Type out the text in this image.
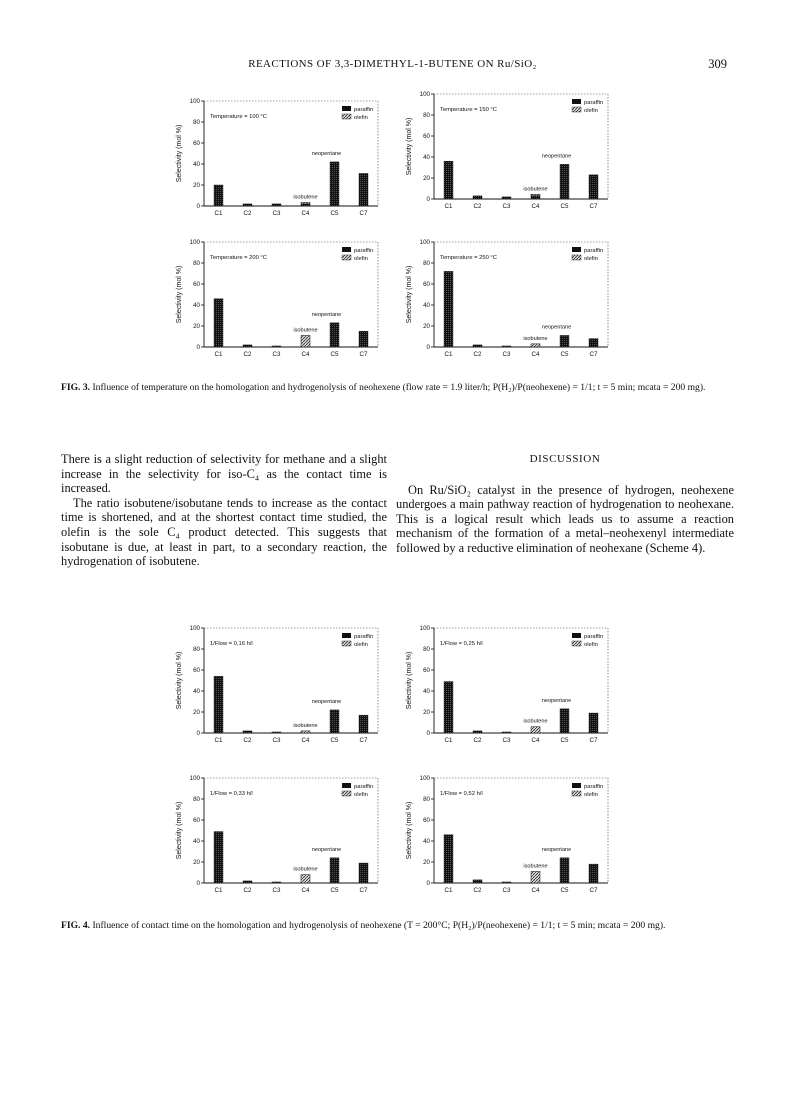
REACTIONS OF 3,3-DIMETHYL-1-BUTENE ON Ru/SiO₂	309
0
20
40
60
80
100
Selectivity (mol %)
C1	C2	C3	C4	C5	C7
isobutene
neopentane
Temperature = 100 °C
paraffin
olefin
0
20
40
60
80
100
Selectivity (mol %)
C1	C2	C3	C4	C5	C7
isobutene
neopentane
Temperature = 150 °C
paraffin
olefin
0
20
40
60
80
100
Selectivity (mol %)
C1	C2	C3	C4	C5	C7
isobutene
neopentane
Temperature = 200 °C
paraffin
olefin
0
20
40
60
80
100
Selectivity (mol %)
C1	C2	C3	C4	C5	C7
isobutene
neopentane
Temperature = 250 °C
paraffin
olefin
FIG. 3. Influence of temperature on the homologation and hydrogenolysis of neohexene (flow rate = 1.9 liter/h; P(H₂)/P(neohexene) = 1/1; t = 5 min; mcata = 200 mg).

There is a slight reduction of selectivity for methane and a slight increase in the selectivity for iso-C₄ as the contact time is increased.

The ratio isobutene/isobutane tends to increase as the contact time is shortened, and at the shortest contact time studied, the olefin is the sole C₄ product detected. This suggests that isobutane is due, at least in part, to a secondary reaction, the hydrogenation of isobutene.

DISCUSSION

On Ru/SiO₂ catalyst in the presence of hydrogen, neohexene undergoes a main pathway reaction of hydrogenation to neohexane. This is a logical result which leads us to assume a reaction mechanism of the formation of a metal–neohexenyl intermediate followed by a reductive elimination of neohexane (Scheme 4).

0
20
40
60
80
100
Selectivity (mol %)
C1	C2	C3	C4	C5	C7
isobutene
neopentane
1/Flow = 0,16 h/l
paraffin
olefin
0
20
40
60
80
100
Selectivity (mol %)
C1	C2	C3	C4	C5	C7
isobutene
neopentane
1/Flow = 0,25 h/l
paraffin
olefin
0
20
40
60
80
100
Selectivity (mol %)
C1	C2	C3	C4	C5	C7
isobutene
neopentane
1/Flow = 0,33 h/l
paraffin
olefin
0
20
40
60
80
100
Selectivity (mol %)
C1	C2	C3	C4	C5	C7
isobutene
neopentane
1/Flow = 0,52 h/l
paraffin
olefin
FIG. 4. Influence of contact time on the homologation and hydrogenolysis of neohexene (T = 200°C; P(H₂)/P(neohexene) = 1/1; t = 5 min; mcata = 200 mg).
